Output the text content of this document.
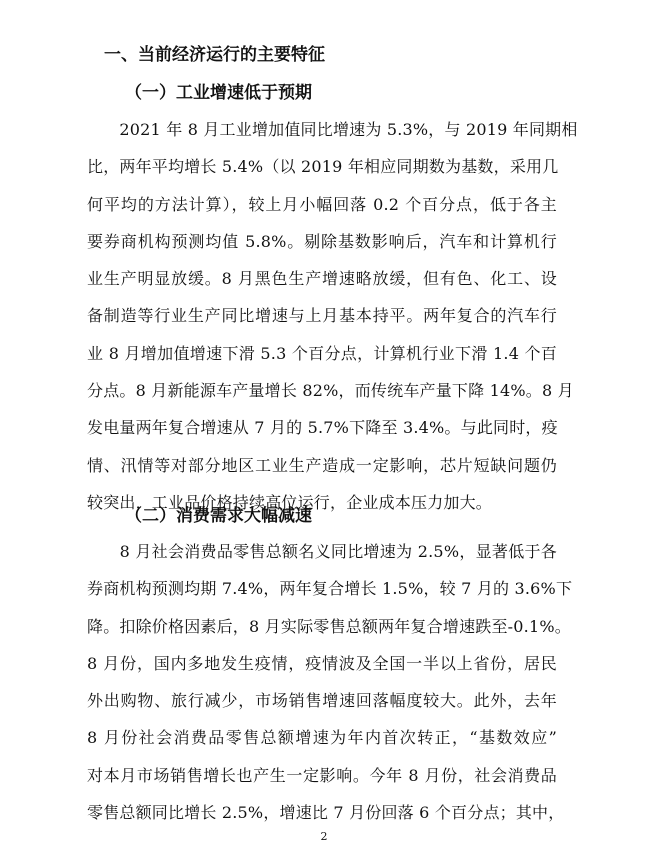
一、当前经济运行的主要特征
（一）工业增速低于预期
　　2021 年 8 月工业增加值同比增速为 5.3%，与 2019 年同期相
比，两年平均增长 5.4%（以 2019 年相应同期数为基数，采用几
何平均的方法计算），较上月小幅回落 0.2 个百分点，低于各主
要券商机构预测均值 5.8%。剔除基数影响后，汽车和计算机行
业生产明显放缓。8 月黑色生产增速略放缓，但有色、化工、设
备制造等行业生产同比增速与上月基本持平。两年复合的汽车行
业 8 月增加值增速下滑 5.3 个百分点，计算机行业下滑 1.4 个百
分点。8 月新能源车产量增长 82%，而传统车产量下降 14%。8 月
发电量两年复合增速从 7 月的 5.7%下降至 3.4%。与此同时，疫
情、汛情等对部分地区工业生产造成一定影响，芯片短缺问题仍
较突出，工业品价格持续高位运行，企业成本压力加大。
（二）消费需求大幅减速
　　8 月社会消费品零售总额名义同比增速为 2.5%，显著低于各
券商机构预测均期 7.4%，两年复合增长 1.5%，较 7 月的 3.6%下
降。扣除价格因素后，8 月实际零售总额两年复合增速跌至-0.1%。
8 月份，国内多地发生疫情，疫情波及全国一半以上省份，居民
外出购物、旅行减少，市场销售增速回落幅度较大。此外，去年
8 月份社会消费品零售总额增速为年内首次转正，“基数效应”
对本月市场销售增长也产生一定影响。今年 8 月份，社会消费品
零售总额同比增长 2.5%，增速比 7 月份回落 6 个百分点；其中，
2
